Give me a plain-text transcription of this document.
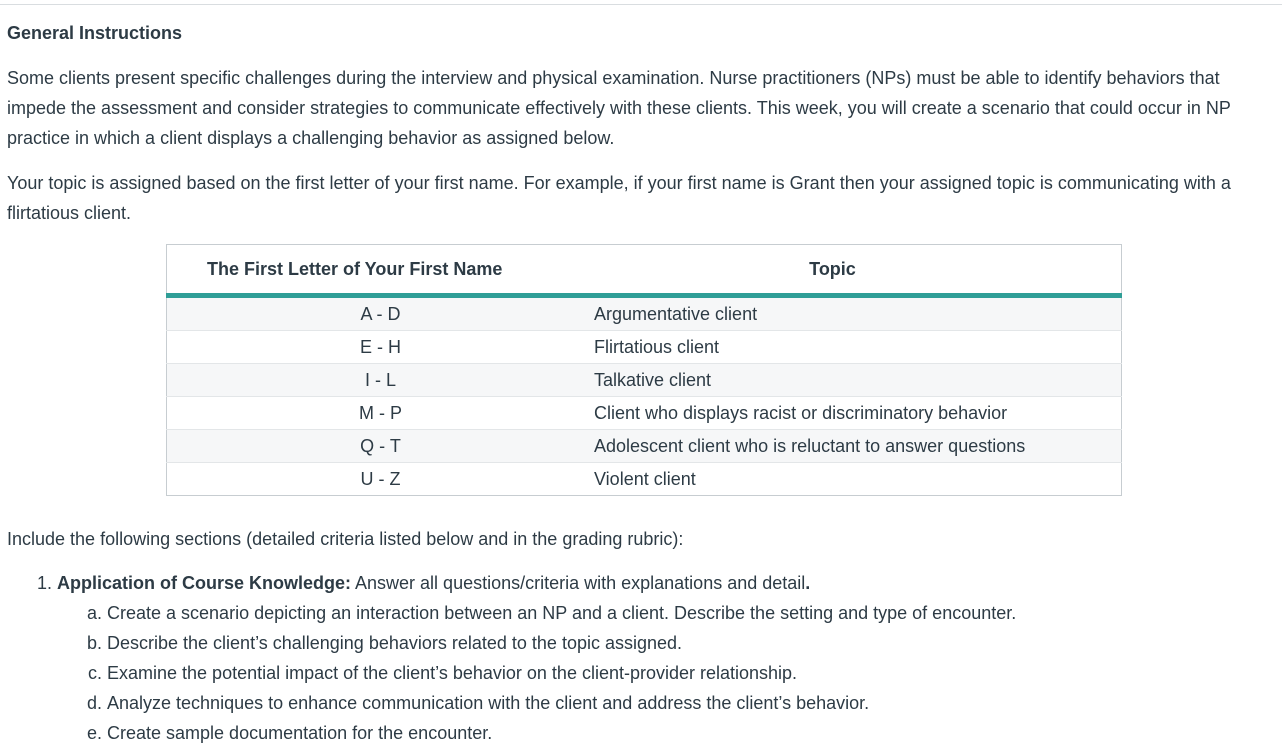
General Instructions

Some clients present specific challenges during the interview and physical examination. Nurse practitioners (NPs) must be able to identify behaviors that impede the assessment and consider strategies to communicate effectively with these clients. This week, you will create a scenario that could occur in NP practice in which a client displays a challenging behavior as assigned below.

Your topic is assigned based on the first letter of your first name. For example, if your first name is Grant then your assigned topic is communicating with a flirtatious client.

The First Letter of Your First Name	Topic
A - D	Argumentative client
E - H	Flirtatious client
I - L	Talkative client
M - P	Client who displays racist or discriminatory behavior
Q - T	Adolescent client who is reluctant to answer questions
U - Z	Violent client

Include the following sections (detailed criteria listed below and in the grading rubric):

1. Application of Course Knowledge: Answer all questions/criteria with explanations and detail.
a. Create a scenario depicting an interaction between an NP and a client. Describe the setting and type of encounter.
b. Describe the client’s challenging behaviors related to the topic assigned.
c. Examine the potential impact of the client’s behavior on the client-provider relationship.
d. Analyze techniques to enhance communication with the client and address the client’s behavior.
e. Create sample documentation for the encounter.
